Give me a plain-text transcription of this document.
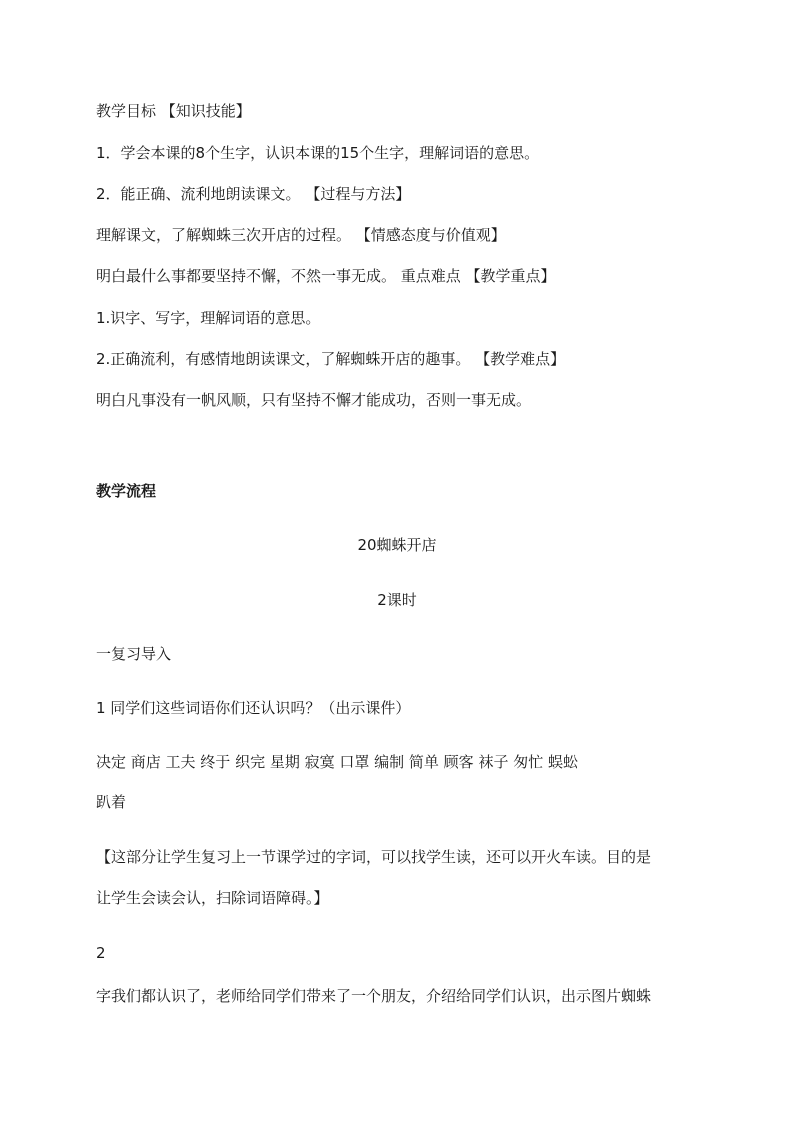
教学目标 【知识技能】
1．学会本课的8个生字，认识本课的15个生字，理解词语的意思。
2．能正确、流利地朗读课文。 【过程与方法】
理解课文，了解蜘蛛三次开店的过程。 【情感态度与价值观】
明白最什么事都要坚持不懈，不然一事无成。 重点难点 【教学重点】
1.识字、写字，理解词语的意思。
2.正确流利，有感情地朗读课文，了解蜘蛛开店的趣事。 【教学难点】
明白凡事没有一帆风顺，只有坚持不懈才能成功，否则一事无成。
教学流程
20蜘蛛开店
2课时
一复习导入
1 同学们这些词语你们还认识吗？（出示课件）
决定 商店 工夫 终于 织完 星期 寂寞 口罩 编制 简单 顾客 袜子 匆忙 蜈蚣
趴着
【这部分让学生复习上一节课学过的字词，可以找学生读，还可以开火车读。目的是
让学生会读会认，扫除词语障碍。】
2
字我们都认识了，老师给同学们带来了一个朋友，介绍给同学们认识，出示图片蜘蛛
